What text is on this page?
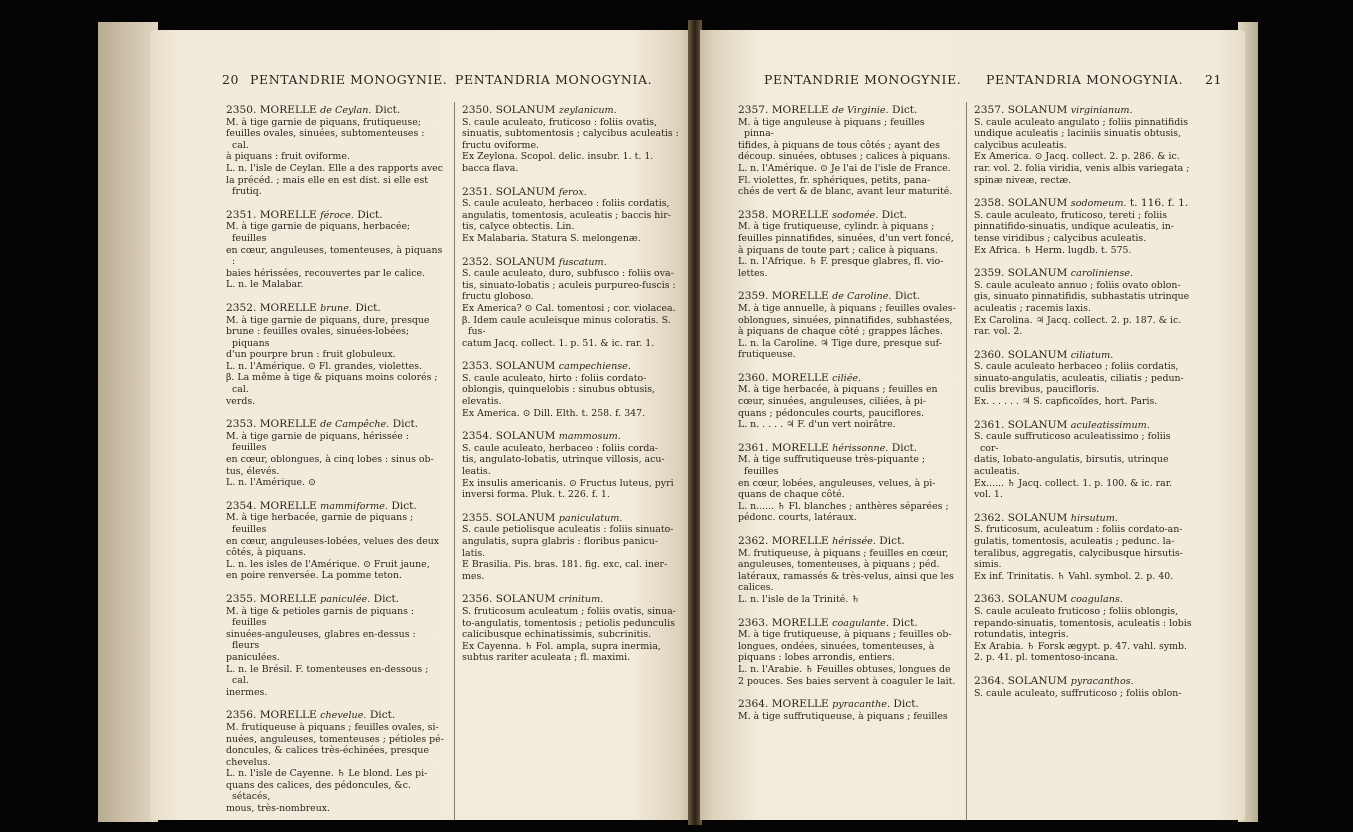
20 PENTANDRIE MONOGYNIE. PENTANDRIA MONOGYNIA.
2350. MORELLE de Ceylan. Dict.
M. à tige garnie de piquans, frutiqueuse;
feuilles ovales, sinuées, subtomenteuses : cal.
à piquans : fruit oviforme.
L. n. l'isle de Ceylan. Elle a des rapports avec
la précéd. ; mais elle en est dist. si elle est frutiq.
2351. MORELLE féroce. Dict.
M. à tige garnie de piquans, herbacée; feuilles
en cœur, anguleuses, tomenteuses, à piquans :
baies hérissées, recouvertes par le calice.
L. n. le Malabar.
2352. MORELLE brune. Dict.
M. à tige garnie de piquans, dure, presque
brune : feuilles ovales, sinuées-lobées; piquans
d'un pourpre brun : fruit globuleux.
L. n. l'Amérique. ⊙ Fl. grandes, violettes.
β. La même à tige & piquans moins colorés ; cal.
verds.
2353. MORELLE de Campêche. Dict.
M. à tige garnie de piquans, hérissée : feuilles
en cœur, oblongues, à cinq lobes : sinus ob-
tus, élevés.
L. n. l'Amérique. ⊙
2354. MORELLE mammiforme. Dict.
M. à tige herbacée, garnie de piquans ; feuilles
en cœur, anguleuses-lobées, velues des deux
côtés, à piquans.
L. n. les isles de l'Amérique. ⊙ Fruit jaune,
en poire renversée. La pomme teton.
2355. MORELLE paniculée. Dict.
M. à tige & petioles garnis de piquans : feuilles
sinuées-anguleuses, glabres en-dessus : fleurs
paniculées.
L. n. le Brésil. F. tomenteuses en-dessous ; cal.
inermes.
2356. MORELLE chevelue. Dict.
M. frutiqueuse à piquans ; feuilles ovales, si-
nuées, anguleuses, tomenteuses ; pétioles pé-
doncules, & calices très-échinées, presque
chevelus.
L. n. l'isle de Cayenne. ♄ Le blond. Les pi-
quans des calices, des pédoncules, &c. sétacés,
mous, très-nombreux.
2350. SOLANUM zeylanicum.
S. caule aculeato, fruticoso : foliis ovatis,
sinuatis, subtomentosis ; calycibus aculeatis :
fructu oviforme.
Ex Zeylona. Scopol. delic. insubr. 1. t. 1.
bacca flava.
2351. SOLANUM ferox.
S. caule aculeato, herbaceo : foliis cordatis,
angulatis, tomentosis, aculeatis ; baccis hir-
tis, calyce obtectis. Lin.
Ex Malabaria. Statura S. melongenæ.
2352. SOLANUM fuscatum.
S. caule aculeato, duro, subfusco : foliis ova-
tis, sinuato-lobatis ; aculeis purpureo-fuscis :
fructu globoso.
Ex America? ⊙ Cal. tomentosi ; cor. violacea.
β. Idem caule aculeisque minus coloratis. S. fus-
catum Jacq. collect. 1. p. 51. & ic. rar. 1.
2353. SOLANUM campechiense.
S. caule aculeato, hirto : foliis cordato-
oblongis, quinquelobis : sinubus obtusis,
elevatis.
Ex America. ⊙ Dill. Elth. t. 258. f. 347.
2354. SOLANUM mammosum.
S. caule aculeato, herbaceo : foliis corda-
tis, angulato-lobatis, utrinque villosis, acu-
leatis.
Ex insulis americanis. ⊙ Fructus luteus, pyri
inversi forma. Pluk. t. 226. f. 1.
2355. SOLANUM paniculatum.
S. caule petiolisque aculeatis : foliis sinuato-
angulatis, supra glabris : floribus panicu-
latis.
E Brasilia. Pis. bras. 181. fig. exc, cal. iner-
mes.
2356. SOLANUM crinitum.
S. fruticosum aculeatum ; foliis ovatis, sinua-
to-angulatis, tomentosis ; petiolis pedunculis
calicibusque echinatissimis, subcrinitis.
Ex Cayenna. ♄ Fol. ampla, supra inermia,
subtus rariter aculeata ; fl. maximi.
PENTANDRIE MONOGYNIE. PENTANDRIA MONOGYNIA. 21
2357. MORELLE de Virginie. Dict.
M. à tige anguleuse à piquans ; feuilles pinna-
tifides, à piquans de tous côtés ; ayant des
découp. sinuées, obtuses ; calices à piquans.
L. n. l'Amérique. ⊙ Je l'ai de l'isle de France.
Fl. violettes, fr. sphériques, petits, pana-
chés de vert & de blanc, avant leur maturité.
2358. MORELLE sodomée. Dict.
M. à tige frutiqueuse, cylindr. à piquans ;
feuilles pinnatifides, sinuées, d'un vert foncé,
à piquans de toute part ; calice à piquans.
L. n. l'Afrique. ♄ F. presque glabres, fl. vio-
lettes.
2359. MORELLE de Caroline. Dict.
M. à tige annuelle, à piquans ; feuilles ovales-
oblongues, sinuées, pinnatifides, subhastées,
à piquans de chaque côté ; grappes lâches.
L. n. la Caroline. ♃ Tige dure, presque suf-
frutiqueuse.
2360. MORELLE ciliée.
M. à tige herbacée, à piquans ; feuilles en
cœur, sinuées, anguleuses, ciliées, à pi-
quans ; pédoncules courts, pauciflores.
L. n. . . . . ♃ F. d'un vert noirâtre.
2361. MORELLE hérissonne. Dict.
M. à tige suffrutiqueuse très-piquante ; feuilles
en cœur, lobées, anguleuses, velues, à pi-
quans de chaque côté.
L. n...... ♄ Fl. blanches ; anthères séparées ;
pédonc. courts, latéraux.
2362. MORELLE hérissée. Dict.
M. frutiqueuse, à piquans ; feuilles en cœur,
anguleuses, tomenteuses, à piquans ; péd.
latéraux, ramassés & très-velus, ainsi que les
calices.
L. n. l'isle de la Trinité. ♄
2363. MORELLE coagulante. Dict.
M. à tige frutiqueuse, à piquans ; feuilles ob-
longues, ondées, sinuées, tomenteuses, à
piquans : lobes arrondis, entiers.
L. n. l'Arabie. ♄ Feuilles obtuses, longues de
2 pouces. Ses baies servent à coaguler le lait.
2364. MORELLE pyracanthe. Dict.
M. à tige suffrutiqueuse, à piquans ; feuilles
2357. SOLANUM virginianum.
S. caule aculeato angulato ; foliis pinnatifidis
undique aculeatis ; laciniis sinuatis obtusis,
calycibus aculeatis.
Ex America. ⊙ Jacq. collect. 2. p. 286. & ic.
rar. vol. 2. folia viridia, venis albis variegata ;
spinæ niveæ, rectæ.
2358. SOLANUM sodomeum. t. 116. f. 1.
S. caule aculeato, fruticoso, tereti ; foliis
pinnatifido-sinuatis, undique aculeatis, in-
tense viridibus ; calycibus aculeatis.
Ex Africa. ♄ Herm. lugdb. t. 575.
2359. SOLANUM caroliniense.
S. caule aculeato annuo ; foliis ovato oblon-
gis, sinuato pinnatifidis, subhastatis utrinque
aculeatis ; racemis laxis.
Ex Carolina. ♃ Jacq. collect. 2. p. 187. & ic.
rar. vol. 2.
2360. SOLANUM ciliatum.
S. caule aculeato herbaceo ; foliis cordatis,
sinuato-angulatis, aculeatis, ciliatis ; pedun-
culis brevibus, paucifloris.
Ex. . . . . . ♃ S. capficoïdes, hort. Paris.
2361. SOLANUM aculeatissimum.
S. caule suffruticoso aculeatissimo ; foliis cor-
datis, lobato-angulatis, birsutis, utrinque
aculeatis.
Ex...... ♄ Jacq. collect. 1. p. 100. & ic. rar.
vol. 1.
2362. SOLANUM hirsutum.
S. fruticosum, aculeatum : foliis cordato-an-
gulatis, tomentosis, aculeatis ; pedunc. la-
teralibus, aggregatis, calycibusque hirsutis-
simis.
Ex inf. Trinitatis. ♄ Vahl. symbol. 2. p. 40.
2363. SOLANUM coagulans.
S. caule aculeato fruticoso ; foliis oblongis,
repando-sinuatis, tomentosis, aculeatis : lobis
rotundatis, integris.
Ex Arabia. ♄ Forsk ægypt. p. 47. vahl. symb.
2. p. 41. pl. tomentoso-incana.
2364. SOLANUM pyracanthos.
S. caule aculeato, suffruticoso ; foliis oblon-
